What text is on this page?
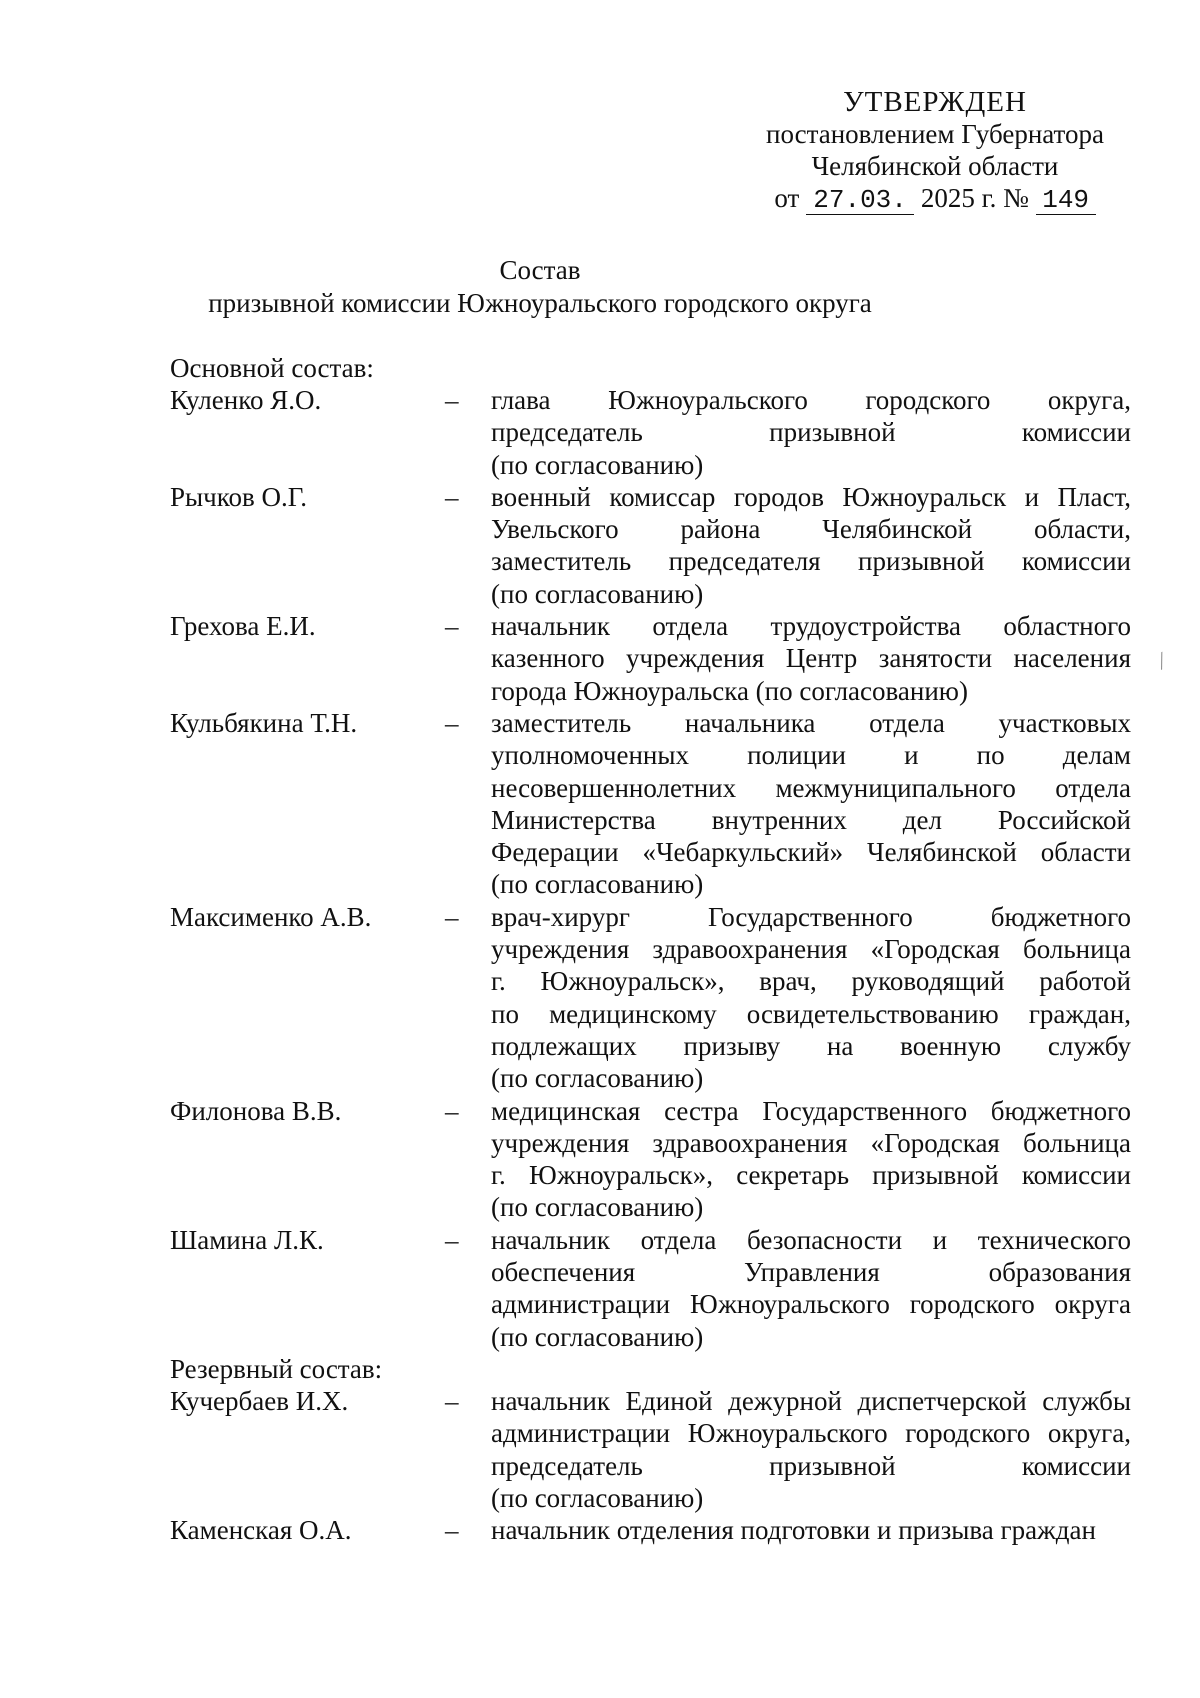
УТВЕРЖДЕН
постановлением Губернатора
Челябинской области
от 27.03. 2025 г. № 149
Состав
призывной комиссии Южноуральского городского округа
Основной состав:
Куленко Я.О.	–	глава Южноуральского городского округа,
председатель призывной комиссии
(по согласованию)
Рычков О.Г.	–	военный комиссар городов Южноуральск и Пласт,
Увельского района Челябинской области,
заместитель председателя призывной комиссии
(по согласованию)
Грехова Е.И.	–	начальник отдела трудоустройства областного
казенного учреждения Центр занятости населения
города Южноуральска (по согласованию)
Кульбякина Т.Н.	–	заместитель начальника отдела участковых
уполномоченных полиции и по делам
несовершеннолетних межмуниципального отдела
Министерства внутренних дел Российской
Федерации «Чебаркульский» Челябинской области
(по согласованию)
Максименко А.В.	–	врач-хирург Государственного бюджетного
учреждения здравоохранения «Городская больница
г. Южноуральск», врач, руководящий работой
по медицинскому освидетельствованию граждан,
подлежащих призыву на военную службу
(по согласованию)
Филонова В.В.	–	медицинская сестра Государственного бюджетного
учреждения здравоохранения «Городская больница
г. Южноуральск», секретарь призывной комиссии
(по согласованию)
Шамина Л.К.	–	начальник отдела безопасности и технического
обеспечения Управления образования
администрации Южноуральского городского округа
(по согласованию)
Резервный состав:
Кучербаев И.Х.	–	начальник Единой дежурной диспетчерской службы
администрации Южноуральского городского округа,
председатель призывной комиссии
(по согласованию)
Каменская О.А.	–	начальник отделения подготовки и призыва граждан
⁄
